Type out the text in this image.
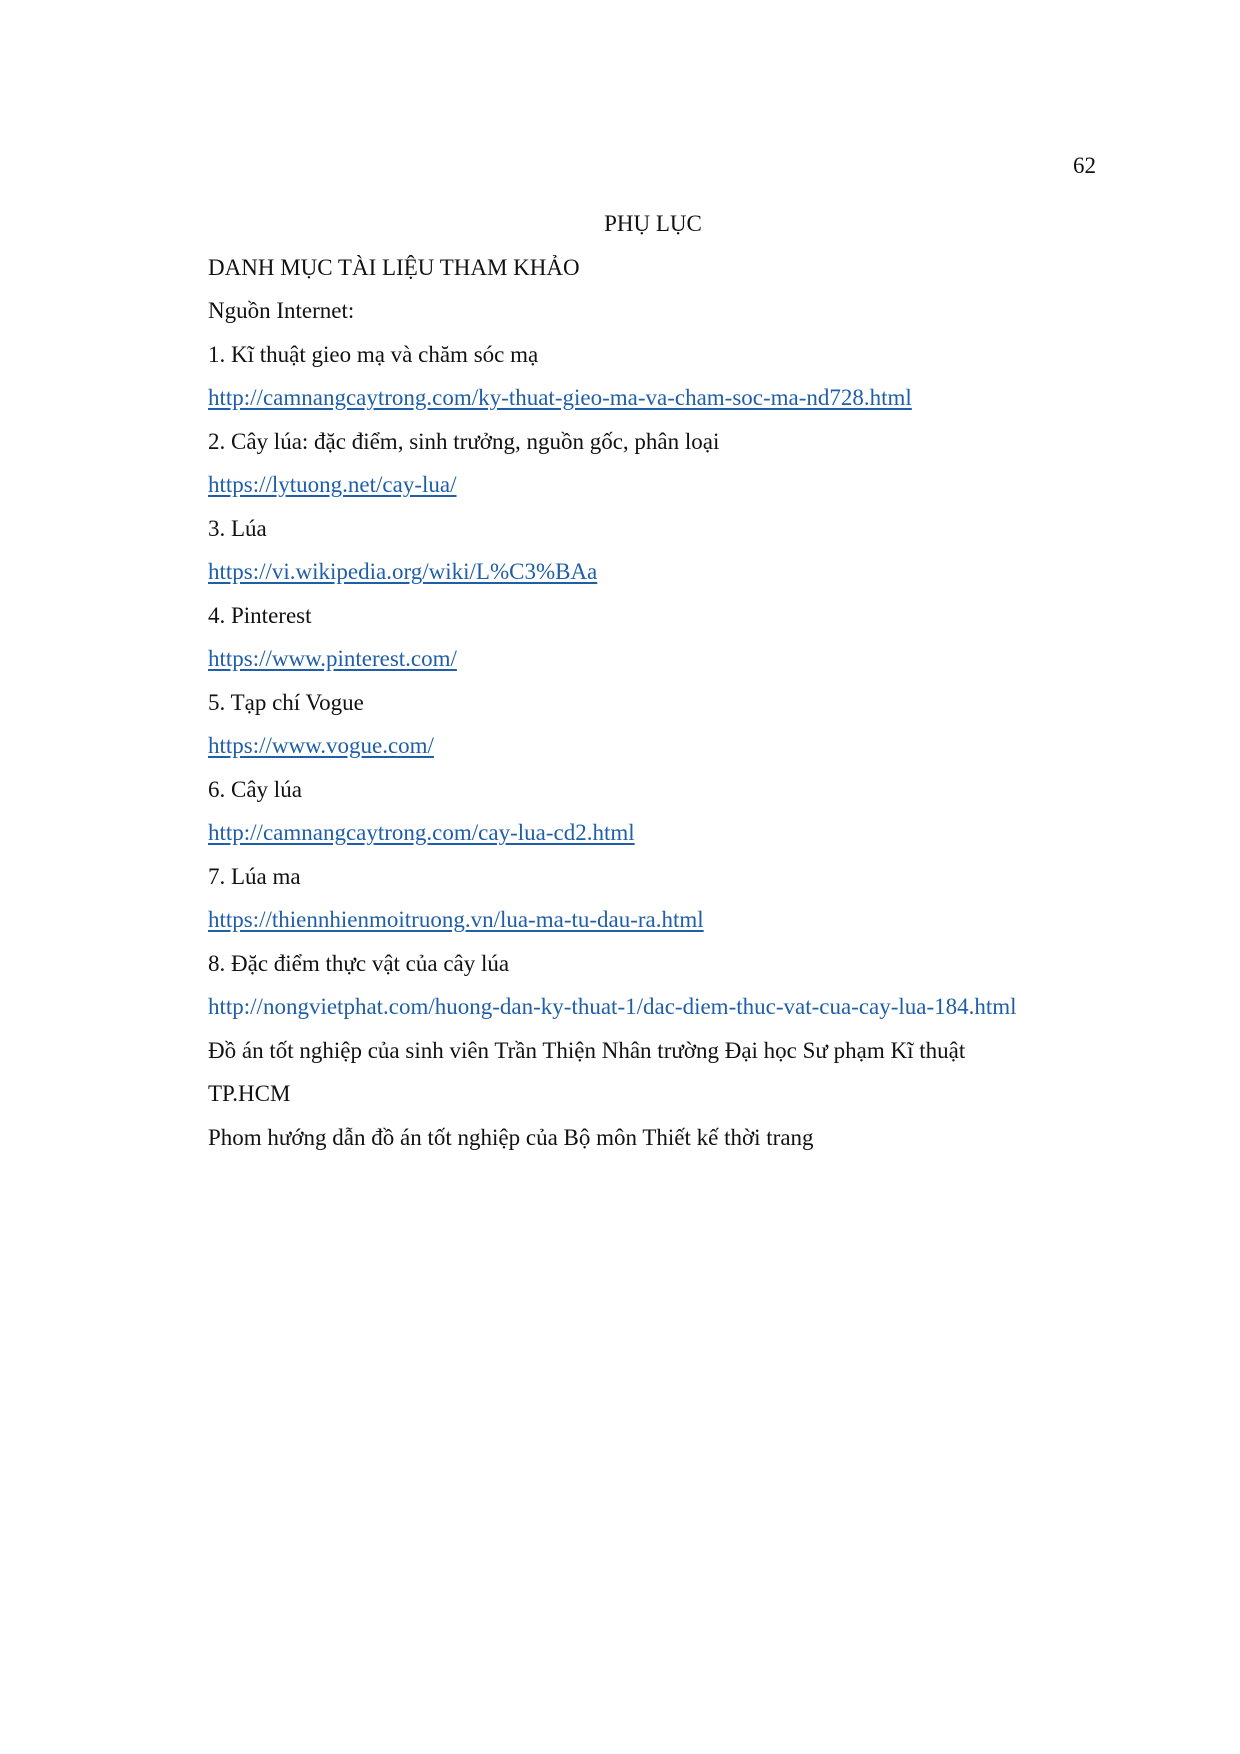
62
PHỤ LỤC
DANH MỤC TÀI LIỆU THAM KHẢO
Nguồn Internet:
1. Kĩ thuật gieo mạ và chăm sóc mạ
http://camnangcaytrong.com/ky-thuat-gieo-ma-va-cham-soc-ma-nd728.html
2. Cây lúa: đặc điểm, sinh trưởng, nguồn gốc, phân loại
https://lytuong.net/cay-lua/
3. Lúa
https://vi.wikipedia.org/wiki/L%C3%BAa
4. Pinterest
https://www.pinterest.com/
5. Tạp chí Vogue
https://www.vogue.com/
6. Cây lúa
http://camnangcaytrong.com/cay-lua-cd2.html
7. Lúa ma
https://thiennhienmoitruong.vn/lua-ma-tu-dau-ra.html
8. Đặc điểm thực vật của cây lúa
http://nongvietphat.com/huong-dan-ky-thuat-1/dac-diem-thuc-vat-cua-cay-lua-184.html
Đồ án tốt nghiệp của sinh viên Trần Thiện Nhân trường Đại học Sư phạm Kĩ thuật
TP.HCM
Phom hướng dẫn đồ án tốt nghiệp của Bộ môn Thiết kế thời trang
